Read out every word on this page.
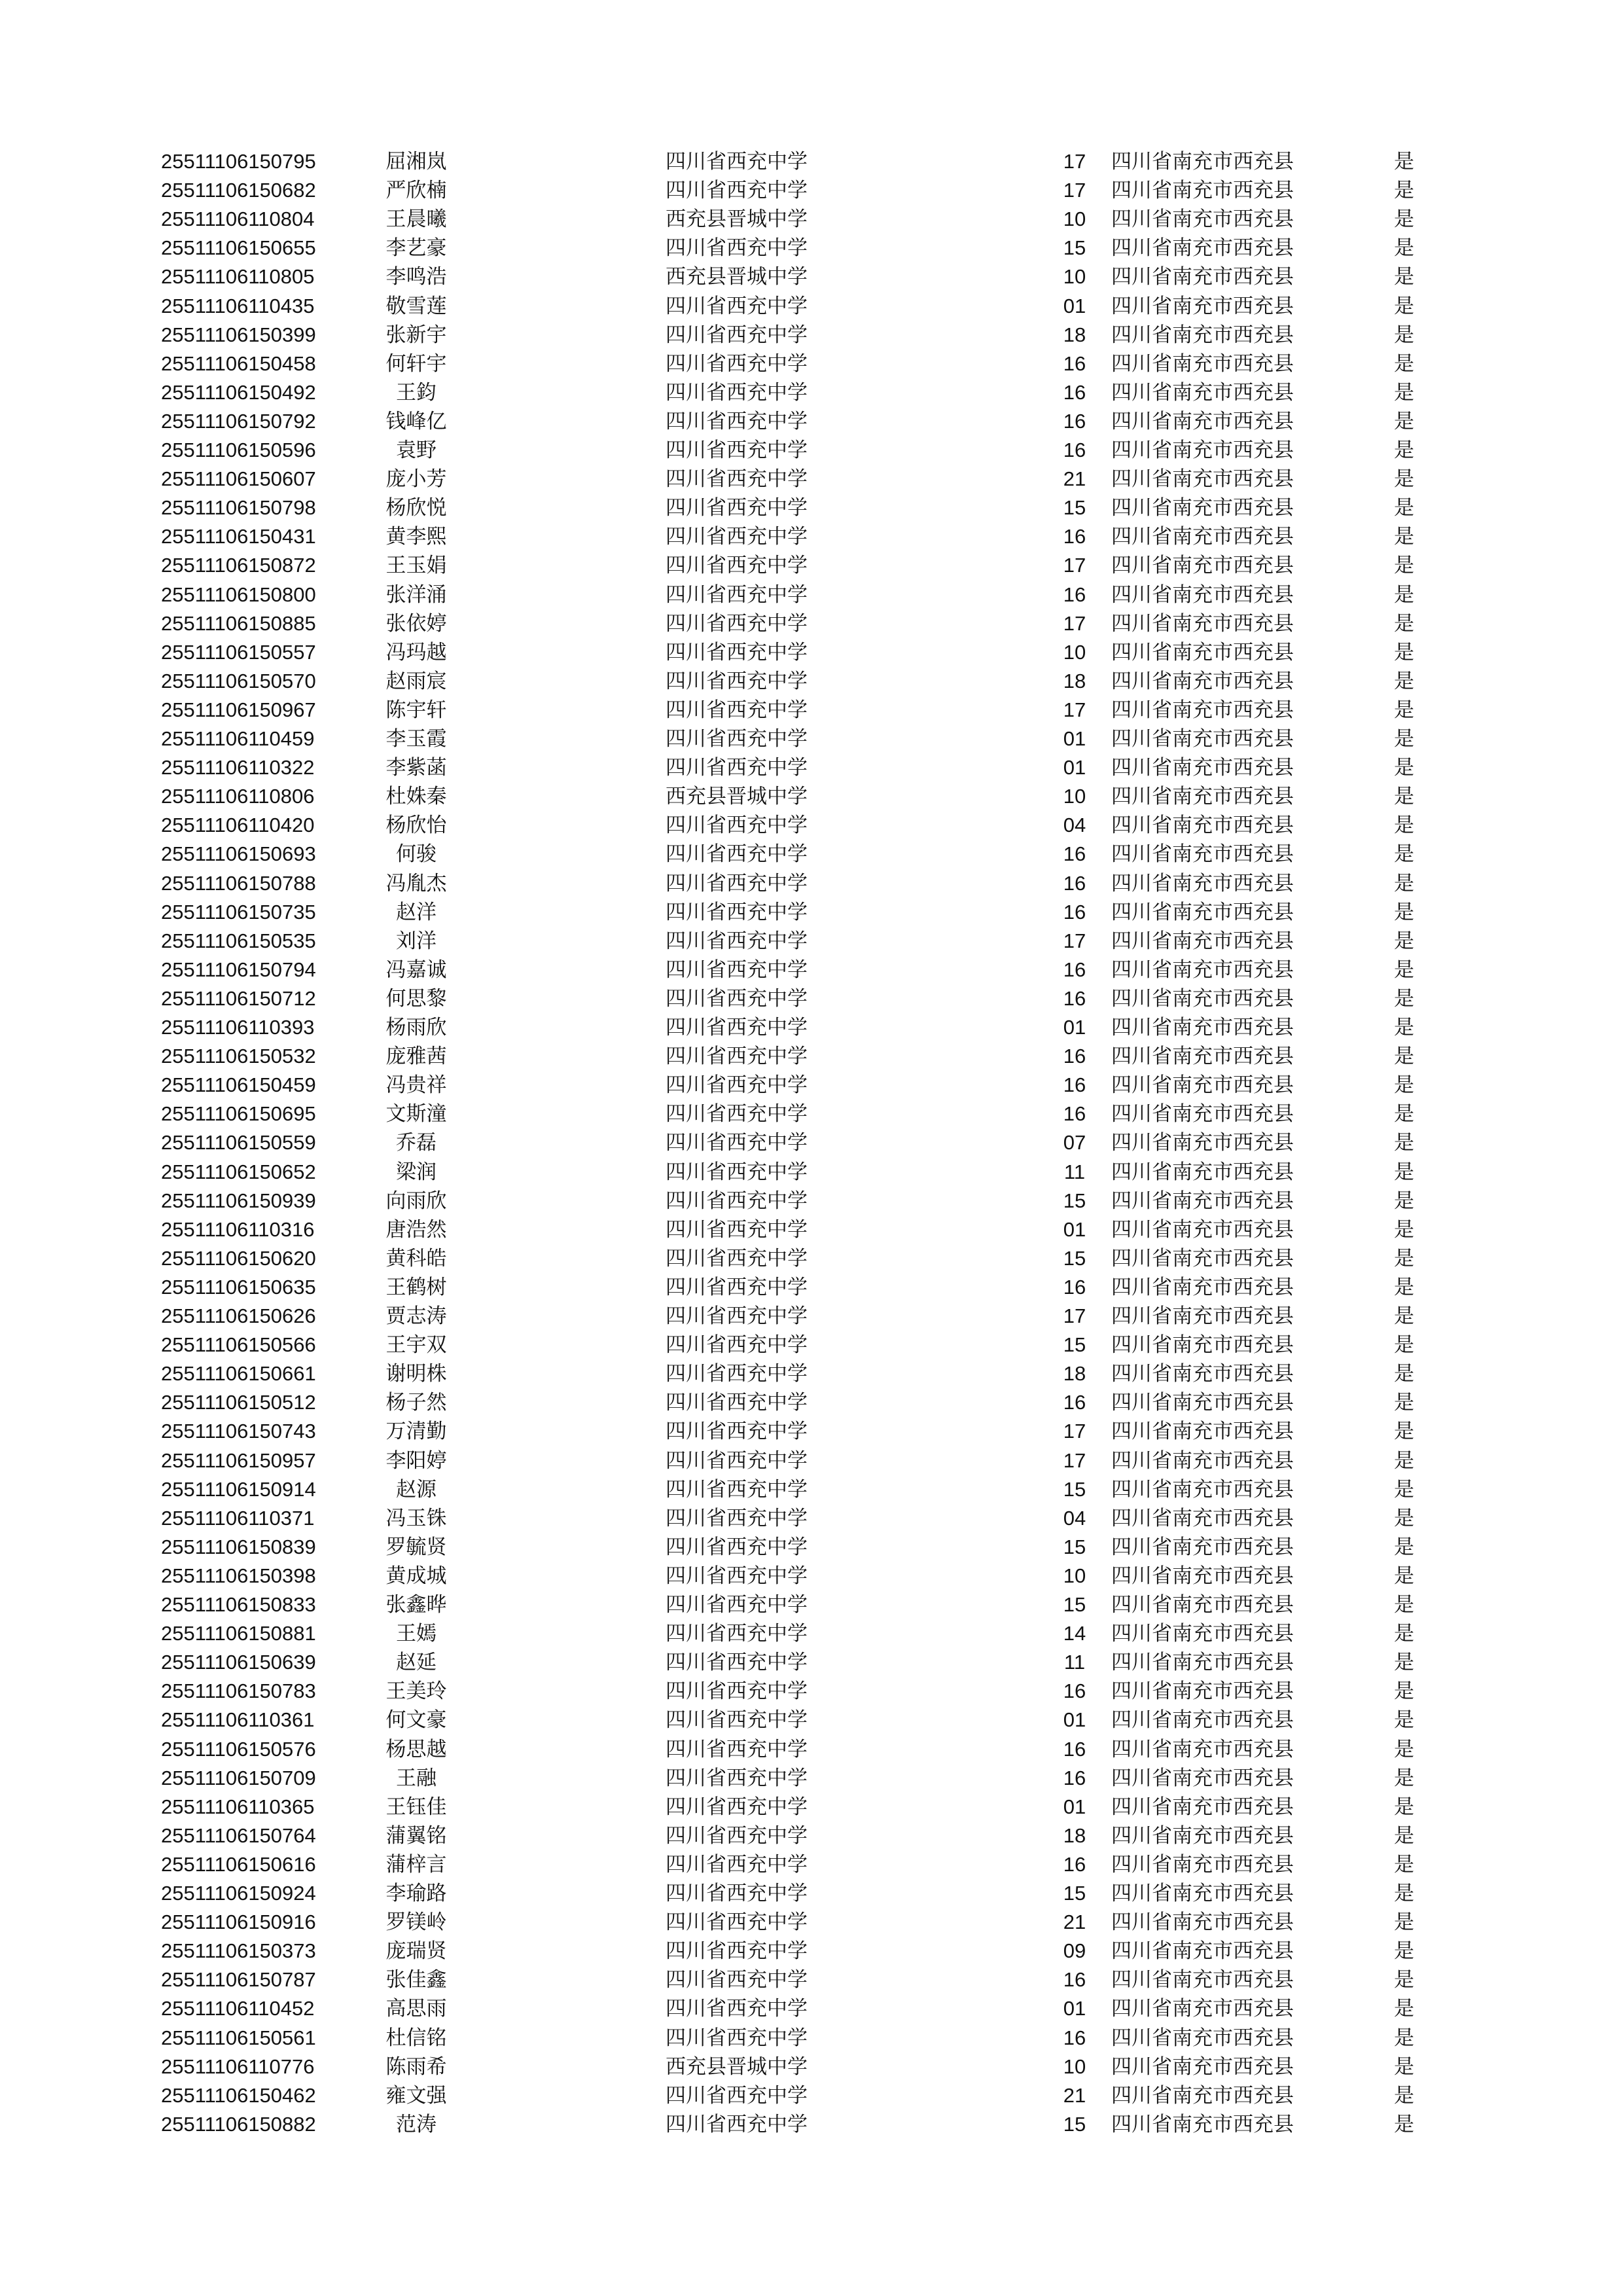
25511106150795	屈湘岚	四川省西充中学	17	四川省南充市西充县	是
25511106150682	严欣楠	四川省西充中学	17	四川省南充市西充县	是
25511106110804	王晨曦	西充县晋城中学	10	四川省南充市西充县	是
25511106150655	李艺豪	四川省西充中学	15	四川省南充市西充县	是
25511106110805	李鸣浩	西充县晋城中学	10	四川省南充市西充县	是
25511106110435	敬雪莲	四川省西充中学	01	四川省南充市西充县	是
25511106150399	张新宇	四川省西充中学	18	四川省南充市西充县	是
25511106150458	何轩宇	四川省西充中学	16	四川省南充市西充县	是
25511106150492	王鈞	四川省西充中学	16	四川省南充市西充县	是
25511106150792	钱峰亿	四川省西充中学	16	四川省南充市西充县	是
25511106150596	袁野	四川省西充中学	16	四川省南充市西充县	是
25511106150607	庞小芳	四川省西充中学	21	四川省南充市西充县	是
25511106150798	杨欣悦	四川省西充中学	15	四川省南充市西充县	是
25511106150431	黄李熙	四川省西充中学	16	四川省南充市西充县	是
25511106150872	王玉娟	四川省西充中学	17	四川省南充市西充县	是
25511106150800	张洋涌	四川省西充中学	16	四川省南充市西充县	是
25511106150885	张依婷	四川省西充中学	17	四川省南充市西充县	是
25511106150557	冯玛越	四川省西充中学	10	四川省南充市西充县	是
25511106150570	赵雨宸	四川省西充中学	18	四川省南充市西充县	是
25511106150967	陈宇轩	四川省西充中学	17	四川省南充市西充县	是
25511106110459	李玉霞	四川省西充中学	01	四川省南充市西充县	是
25511106110322	李紫菡	四川省西充中学	01	四川省南充市西充县	是
25511106110806	杜姝秦	西充县晋城中学	10	四川省南充市西充县	是
25511106110420	杨欣怡	四川省西充中学	04	四川省南充市西充县	是
25511106150693	何骏	四川省西充中学	16	四川省南充市西充县	是
25511106150788	冯胤杰	四川省西充中学	16	四川省南充市西充县	是
25511106150735	赵洋	四川省西充中学	16	四川省南充市西充县	是
25511106150535	刘洋	四川省西充中学	17	四川省南充市西充县	是
25511106150794	冯嘉诚	四川省西充中学	16	四川省南充市西充县	是
25511106150712	何思黎	四川省西充中学	16	四川省南充市西充县	是
25511106110393	杨雨欣	四川省西充中学	01	四川省南充市西充县	是
25511106150532	庞雅茜	四川省西充中学	16	四川省南充市西充县	是
25511106150459	冯贵祥	四川省西充中学	16	四川省南充市西充县	是
25511106150695	文斯潼	四川省西充中学	16	四川省南充市西充县	是
25511106150559	乔磊	四川省西充中学	07	四川省南充市西充县	是
25511106150652	梁润	四川省西充中学	11	四川省南充市西充县	是
25511106150939	向雨欣	四川省西充中学	15	四川省南充市西充县	是
25511106110316	唐浩然	四川省西充中学	01	四川省南充市西充县	是
25511106150620	黄科皓	四川省西充中学	15	四川省南充市西充县	是
25511106150635	王鹤树	四川省西充中学	16	四川省南充市西充县	是
25511106150626	贾志涛	四川省西充中学	17	四川省南充市西充县	是
25511106150566	王宇双	四川省西充中学	15	四川省南充市西充县	是
25511106150661	谢明株	四川省西充中学	18	四川省南充市西充县	是
25511106150512	杨子然	四川省西充中学	16	四川省南充市西充县	是
25511106150743	万清勤	四川省西充中学	17	四川省南充市西充县	是
25511106150957	李阳婷	四川省西充中学	17	四川省南充市西充县	是
25511106150914	赵源	四川省西充中学	15	四川省南充市西充县	是
25511106110371	冯玉铢	四川省西充中学	04	四川省南充市西充县	是
25511106150839	罗毓贤	四川省西充中学	15	四川省南充市西充县	是
25511106150398	黄成城	四川省西充中学	10	四川省南充市西充县	是
25511106150833	张鑫晔	四川省西充中学	15	四川省南充市西充县	是
25511106150881	王嫣	四川省西充中学	14	四川省南充市西充县	是
25511106150639	赵延	四川省西充中学	11	四川省南充市西充县	是
25511106150783	王美玲	四川省西充中学	16	四川省南充市西充县	是
25511106110361	何文豪	四川省西充中学	01	四川省南充市西充县	是
25511106150576	杨思越	四川省西充中学	16	四川省南充市西充县	是
25511106150709	王融	四川省西充中学	16	四川省南充市西充县	是
25511106110365	王钰佳	四川省西充中学	01	四川省南充市西充县	是
25511106150764	蒲翼铭	四川省西充中学	18	四川省南充市西充县	是
25511106150616	蒲梓言	四川省西充中学	16	四川省南充市西充县	是
25511106150924	李瑜路	四川省西充中学	15	四川省南充市西充县	是
25511106150916	罗镁岭	四川省西充中学	21	四川省南充市西充县	是
25511106150373	庞瑞贤	四川省西充中学	09	四川省南充市西充县	是
25511106150787	张佳鑫	四川省西充中学	16	四川省南充市西充县	是
25511106110452	高思雨	四川省西充中学	01	四川省南充市西充县	是
25511106150561	杜信铭	四川省西充中学	16	四川省南充市西充县	是
25511106110776	陈雨希	西充县晋城中学	10	四川省南充市西充县	是
25511106150462	雍文强	四川省西充中学	21	四川省南充市西充县	是
25511106150882	范涛	四川省西充中学	15	四川省南充市西充县	是
